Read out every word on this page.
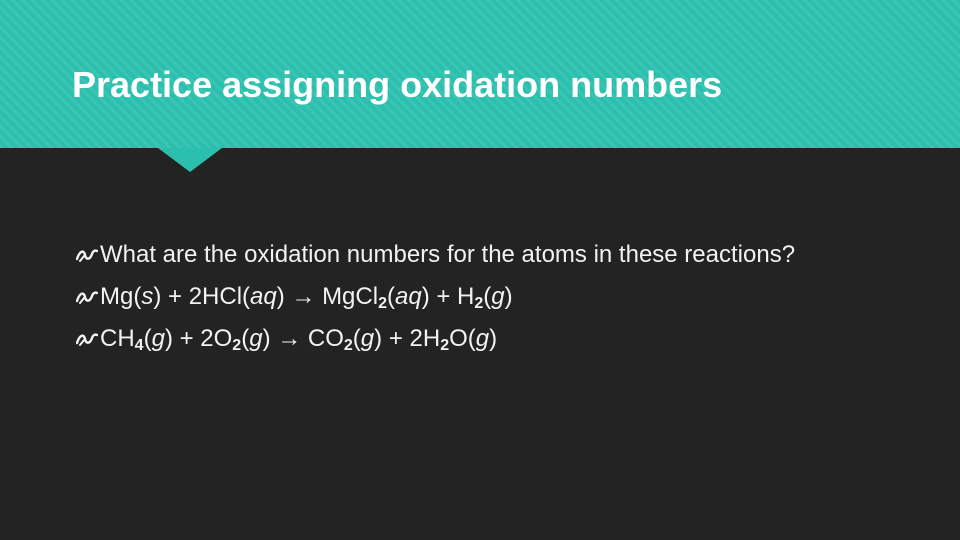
Practice assigning oxidation numbers
What are the oxidation numbers for the atoms in these reactions?
Mg(s) + 2HCl(aq) → MgCl$_2$(aq) + $H_2(g)$
$CH_4(g) + 2O_2(g) \to CO_2(g) + 2H_2O(g)$
